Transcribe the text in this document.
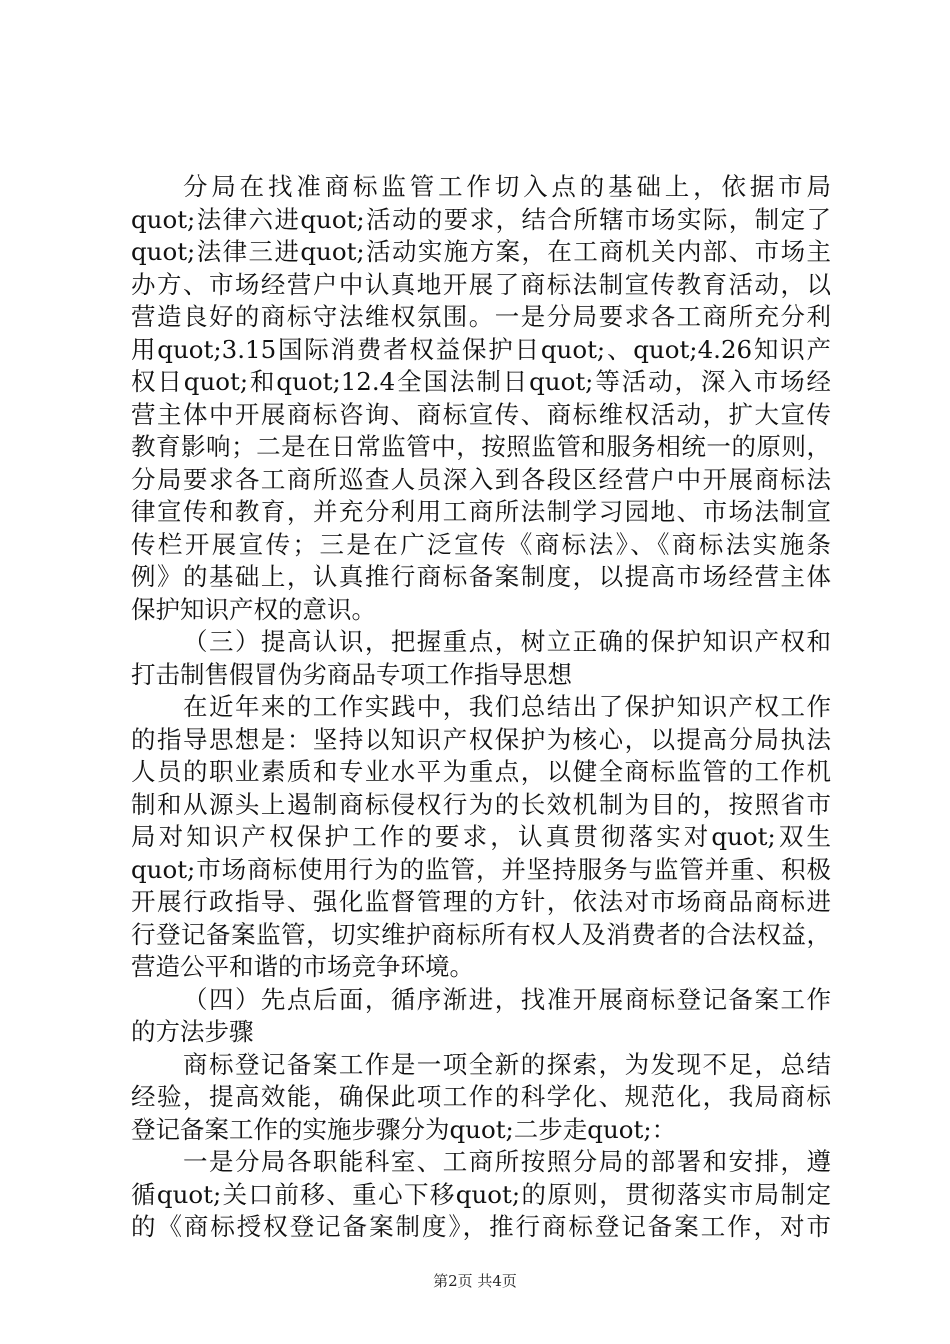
分局在找准商标监管工作切入点的基础上，依据市局
quot;法律六进quot;活动的要求，结合所辖市场实际，制定了
quot;法律三进quot;活动实施方案，在工商机关内部、市场主
办方、市场经营户中认真地开展了商标法制宣传教育活动，以
营造良好的商标守法维权氛围。一是分局要求各工商所充分利
用quot;3.15国际消费者权益保护日quot;、quot;4.26知识产
权日quot;和quot;12.4全国法制日quot;等活动，深入市场经
营主体中开展商标咨询、商标宣传、商标维权活动，扩大宣传
教育影响；二是在日常监管中，按照监管和服务相统一的原则，
分局要求各工商所巡查人员深入到各段区经营户中开展商标法
律宣传和教育，并充分利用工商所法制学习园地、市场法制宣
传栏开展宣传；三是在广泛宣传《商标法》、《商标法实施条
例》的基础上，认真推行商标备案制度，以提高市场经营主体
保护知识产权的意识。
（三）提高认识，把握重点，树立正确的保护知识产权和
打击制售假冒伪劣商品专项工作指导思想
在近年来的工作实践中，我们总结出了保护知识产权工作
的指导思想是：坚持以知识产权保护为核心，以提高分局执法
人员的职业素质和专业水平为重点，以健全商标监管的工作机
制和从源头上遏制商标侵权行为的长效机制为目的，按照省市
局对知识产权保护工作的要求，认真贯彻落实对quot;双生
quot;市场商标使用行为的监管，并坚持服务与监管并重、积极
开展行政指导、强化监督管理的方针，依法对市场商品商标进
行登记备案监管，切实维护商标所有权人及消费者的合法权益，
营造公平和谐的市场竞争环境。
（四）先点后面，循序渐进，找准开展商标登记备案工作
的方法步骤
商标登记备案工作是一项全新的探索，为发现不足，总结
经验，提高效能，确保此项工作的科学化、规范化，我局商标
登记备案工作的实施步骤分为quot;二步走quot;：
一是分局各职能科室、工商所按照分局的部署和安排，遵
循quot;关口前移、重心下移quot;的原则，贯彻落实市局制定
的《商标授权登记备案制度》，推行商标登记备案工作，对市
第2页 共4页
